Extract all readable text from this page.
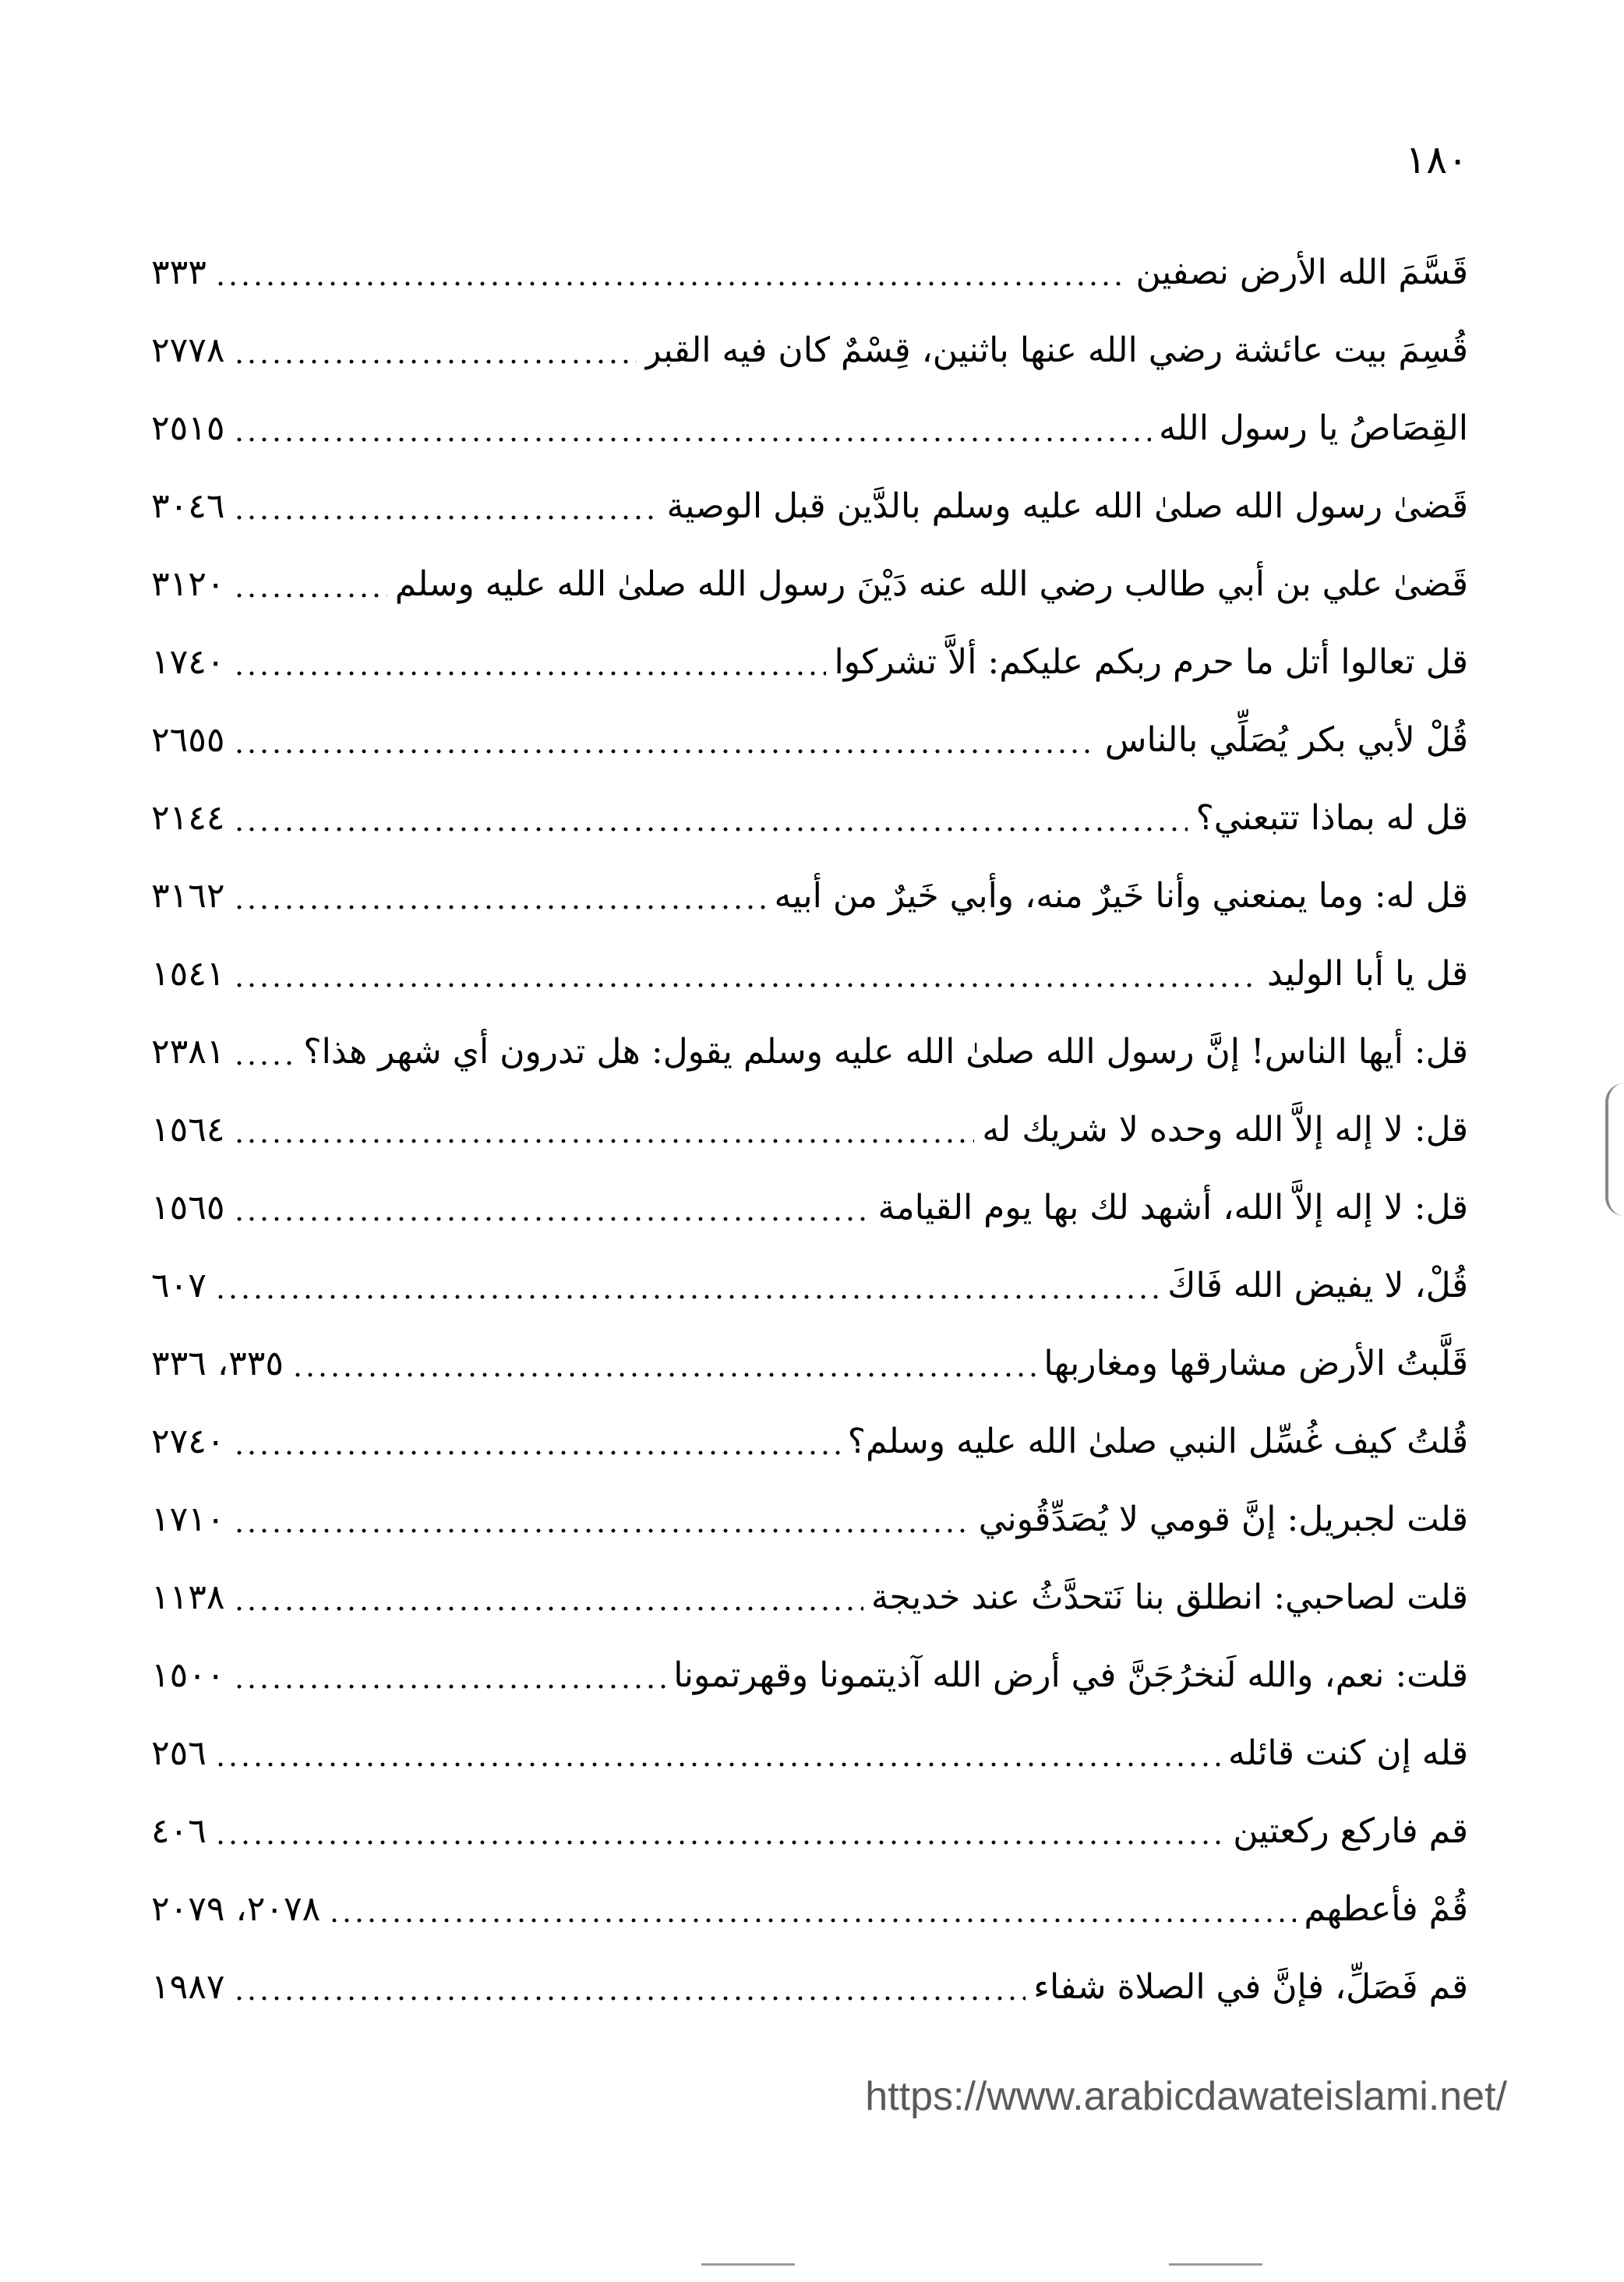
١٨٠
قَسَّمَ الله الأرض نصفين
٣٣٣
قُسِمَ بيت عائشة رضي الله عنها باثنين، قِسْمٌ كان فيه القبر
٢٧٧٨
القِصَاصُ يا رسول الله
٢٥١٥
قَضىٰ رسول الله صلىٰ الله عليه وسلم بالدَّين قبل الوصية
٣٠٤٦
قَضىٰ علي بن أبي طالب رضي الله عنه دَيْنَ رسول الله صلىٰ الله عليه وسلم
٣١٢٠
قل تعالوا أتل ما حرم ربكم عليكم: ألاَّ تشركوا
١٧٤٠
قُلْ لأبي بكر يُصَلِّي بالناس
٢٦٥٥
قل له بماذا تتبعني؟
٢١٤٤
قل له: وما يمنعني وأنا خَيرٌ منه، وأبي خَيرٌ من أبيه
٣١٦٢
قل يا أبا الوليد
١٥٤١
قل: أيها الناس! إنَّ رسول الله صلىٰ الله عليه وسلم يقول: هل تدرون أي شهر هذا؟
٢٣٨١
قل: لا إله إلاَّ الله وحده لا شريك له
١٥٦٤
قل: لا إله إلاَّ الله، أشهد لك بها يوم القيامة
١٥٦٥
قُلْ، لا يفيض الله فَاكَ
٦٠٧
قَلَّبتُ الأرض مشارقها ومغاربها
٣٣٥، ٣٣٦
قُلتُ كيف غُسِّل النبي صلىٰ الله عليه وسلم؟
٢٧٤٠
قلت لجبريل: إنَّ قومي لا يُصَدِّقُوني
١٧١٠
قلت لصاحبي: انطلق بنا نَتحدَّثُ عند خديجة
١١٣٨
قلت: نعم، والله لَنخرُجَنَّ في أرض الله آذيتمونا وقهرتمونا
١٥٠٠
قله إن كنت قائله
٢٥٦
قم فاركع ركعتين
٤٠٦
قُمْ فأعطهم
٢٠٧٨، ٢٠٧٩
قم فَصَلِّ، فإنَّ في الصلاة شفاء
١٩٨٧
https://www.arabicdawateislami.net/
